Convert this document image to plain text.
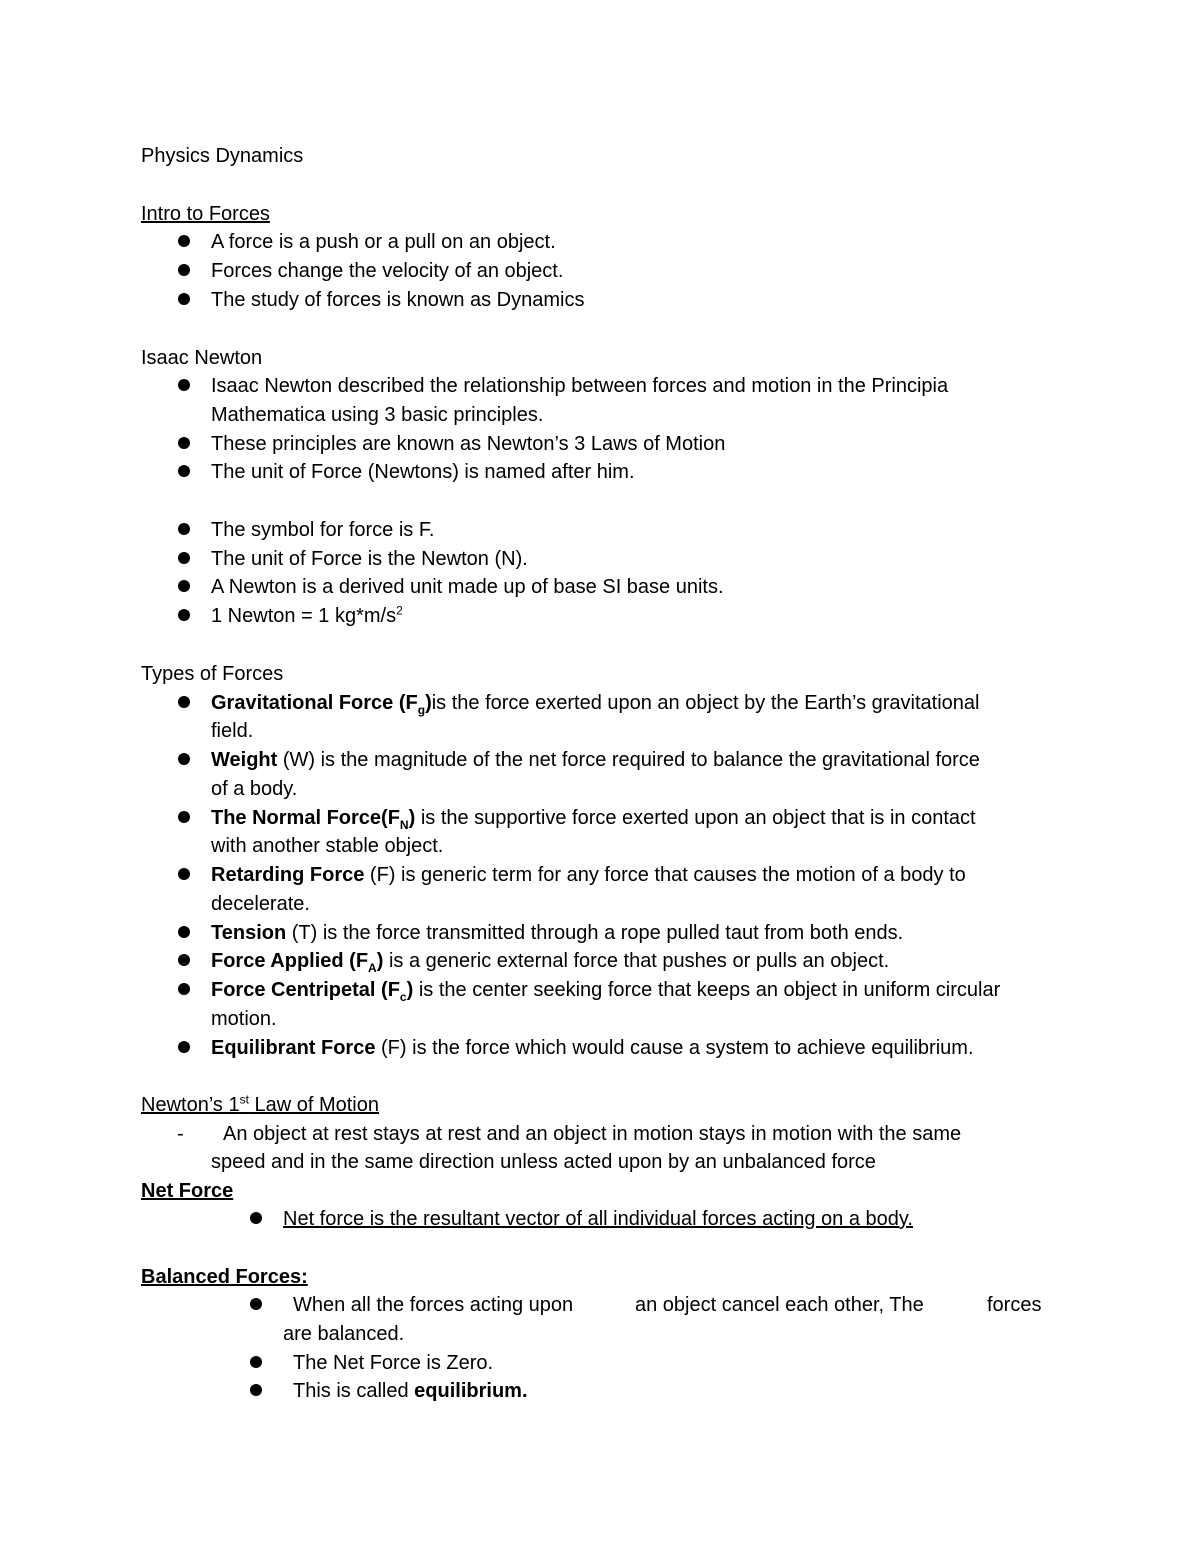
Physics Dynamics
Intro to Forces
A force is a push or a pull on an object.
Forces change the velocity of an object.
The study of forces is known as Dynamics
Isaac Newton
Isaac Newton described the relationship between forces and motion in the Principia
Mathematica using 3 basic principles.
These principles are known as Newton’s 3 Laws of Motion
The unit of Force (Newtons) is named after him.
The symbol for force is F.
The unit of Force is the Newton (N).
A Newton is a derived unit made up of base SI base units.
1 Newton = 1 $kg*m/s^2$
Types of Forces
Gravitational Force $(F_g)is$ the force exerted upon an object by the Earth’s gravitational
field.
Weight (W) is the magnitude of the net force required to balance the gravitational force
of a body.
The Normal $Force(F_N)$ is the supportive force exerted upon an object that is in contact
with another stable object.
Retarding Force (F) is generic term for any force that causes the motion of a body to
decelerate.
Tension (T) is the force transmitted through a rope pulled taut from both ends.
Force Applied $(F_A)$ is a generic external force that pushes or pulls an object.
Force Centripetal $(F_c)$ is the center seeking force that keeps an object in uniform circular
motion.
Equilibrant Force (F) is the force which would cause a system to achieve equilibrium.
Newton’s 1st Law of Motion
- An object at rest stays at rest and an object in motion stays in motion with the same
speed and in the same direction unless acted upon by an unbalanced force
Net Force
Net force is the resultant vector of all individual forces acting on a body.
Balanced Forces:
When all the forces acting upon	an object cancel each other, The	forces
are balanced.
The Net Force is Zero.
This is called equilibrium.
